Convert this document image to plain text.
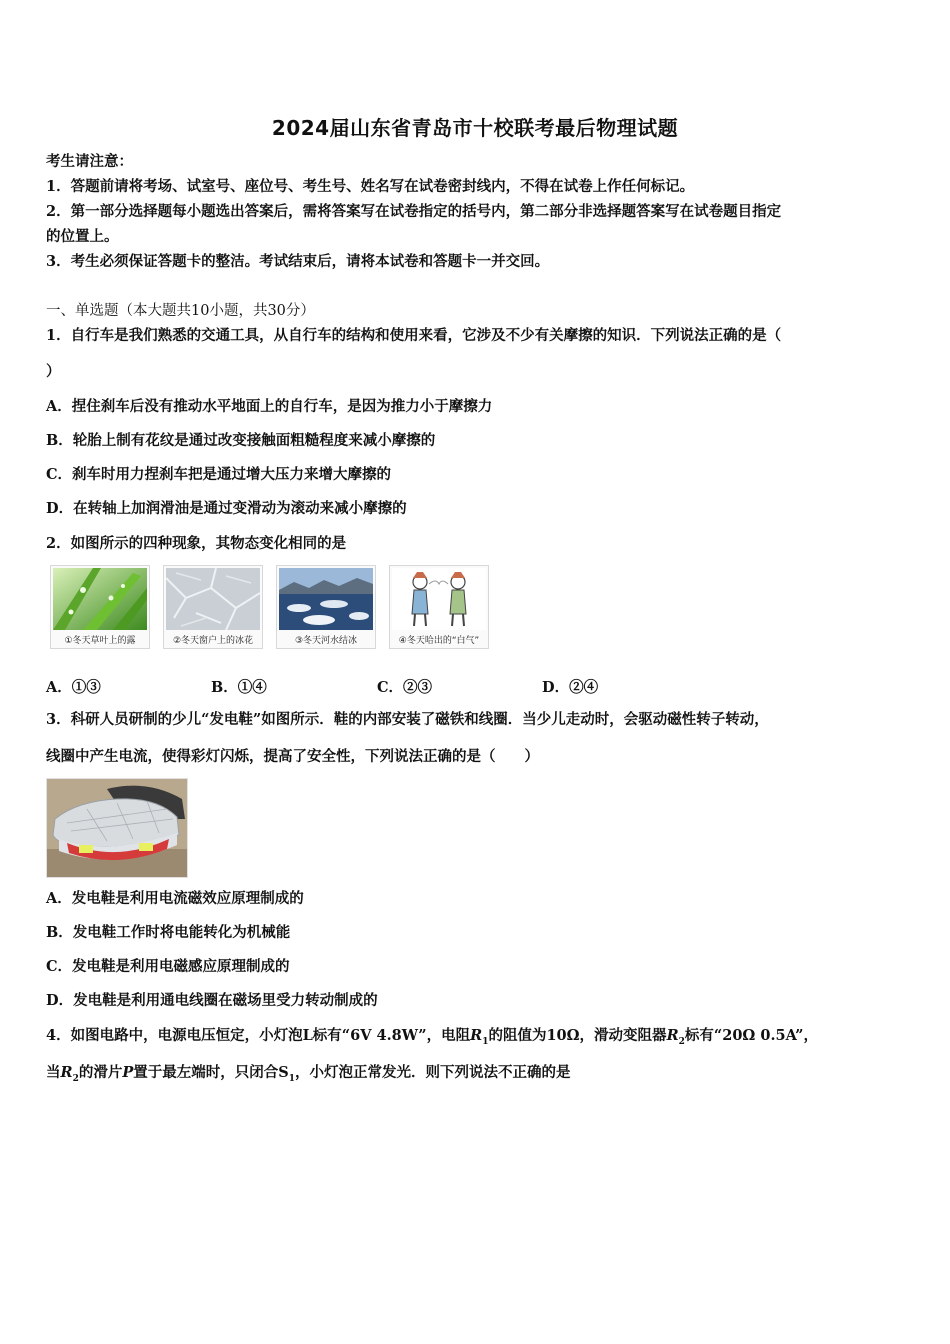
2024届山东省青岛市十校联考最后物理试题
考生请注意：
1．答题前请将考场、试室号、座位号、考生号、姓名写在试卷密封线内，不得在试卷上作任何标记。
2．第一部分选择题每小题选出答案后，需将答案写在试卷指定的括号内，第二部分非选择题答案写在试卷题目指定
的位置上。
3．考生必须保证答题卡的整洁。考试结束后，请将本试卷和答题卡一并交回。
一、单选题（本大题共10小题，共30分）
1．自行车是我们熟悉的交通工具，从自行车的结构和使用来看，它涉及不少有关摩擦的知识．下列说法正确的是（
）
A．捏住刹车后没有推动水平地面上的自行车，是因为推力小于摩擦力
B．轮胎上制有花纹是通过改变接触面粗糙程度来减小摩擦的
C．刹车时用力捏刹车把是通过增大压力来增大摩擦的
D．在转轴上加润滑油是通过变滑动为滚动来减小摩擦的
2．如图所示的四种现象，其物态变化相同的是
①冬天草叶上的露	②冬天窗户上的冰花	③冬天河水结冰	④冬天哈出的“白气”
A．①③	B．①④	C．②③	D．②④
3．科研人员研制的少儿“发电鞋”如图所示．鞋的内部安装了磁铁和线圈．当少儿走动时，会驱动磁性转子转动，
线圈中产生电流，使得彩灯闪烁，提高了安全性，下列说法正确的是（　　）
A．发电鞋是利用电流磁效应原理制成的
B．发电鞋工作时将电能转化为机械能
C．发电鞋是利用电磁感应原理制成的
D．发电鞋是利用通电线圈在磁场里受力转动制成的
4．如图电路中，电源电压恒定，小灯泡L标有“6V 4.8W”，电阻$R_1$的阻值为10Ω，滑动变阻器$R_2$标有“20Ω 0.5A”，
当$R_2$的滑片P置于最左端时，只闭合$S_1$，小灯泡正常发光．则下列说法不正确的是
